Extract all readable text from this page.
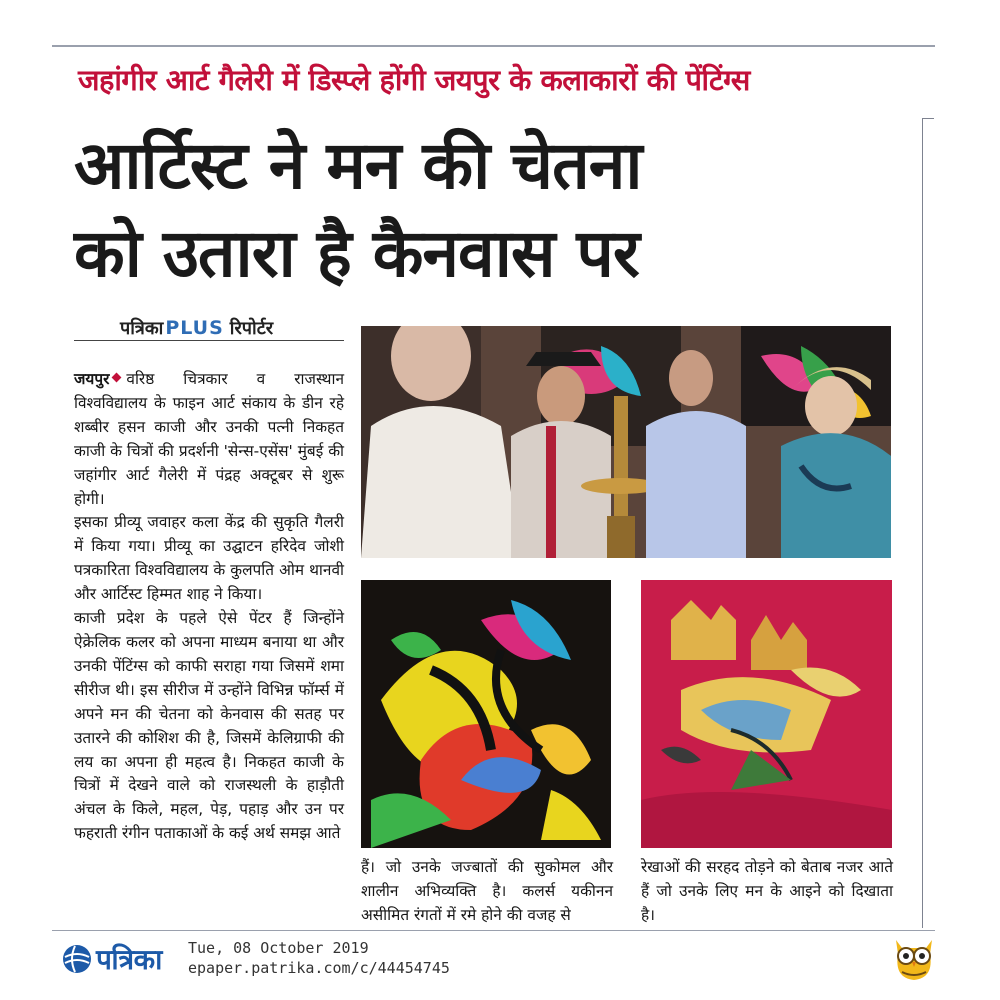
जहांगीर आर्ट गैलेरी में डिस्प्ले होंगी जयपुर के कलाकारों की पेंटिंग्स
आर्टिस्ट ने मन की चेतना
को उतारा है कैनवास पर
पत्रिका PLUS रिपोर्टर

जयपुर वरिष्ठ चित्रकार व राजस्थान विश्वविद्यालय के फाइन आर्ट संकाय के डीन रहे शब्बीर हसन काजी और उनकी पत्नी निकहत काजी के चित्रों की प्रदर्शनी 'सेन्स-एसेंस' मुंबई की जहांगीर आर्ट गैलेरी में पंद्रह अक्टूबर से शुरू होगी।

इसका प्रीव्यू जवाहर कला केंद्र की सुकृति गैलरी में किया गया। प्रीव्यू का उद्घाटन हरिदेव जोशी पत्रकारिता विश्वविद्यालय के कुलपति ओम थानवी और आर्टिस्ट हिम्मत शाह ने किया।

काजी प्रदेश के पहले ऐसे पेंटर हैं जिन्होंने ऐक्रेलिक कलर को अपना माध्यम बनाया था और उनकी पेंटिंग्स को काफी सराहा गया जिसमें शमा सीरीज थी। इस सीरीज में उन्होंने विभिन्न फॉर्म्स में अपने मन की चेतना को केनवास की सतह पर उतारने की कोशिश की है, जिसमें केलिग्राफी की लय का अपना ही महत्व है। निकहत काजी के चित्रों में देखने वाले को राजस्थली के हाड़ौती अंचल के किले, महल, पेड़, पहाड़ और उन पर फहराती रंगीन पताकाओं के कई अर्थ समझ आते

हैं। जो उनके जज्बातों की सुकोमल और शालीन अभिव्यक्ति है। कलर्स यकीनन असीमित रंगतों में रमे होने की वजह से
रेखाओं की सरहद तोड़ने को बेताब नजर आते हैं जो उनके लिए मन के आइने को दिखाता है।
पत्रिका Tue, 08 October 2019
epaper.patrika.com/c/44454745
